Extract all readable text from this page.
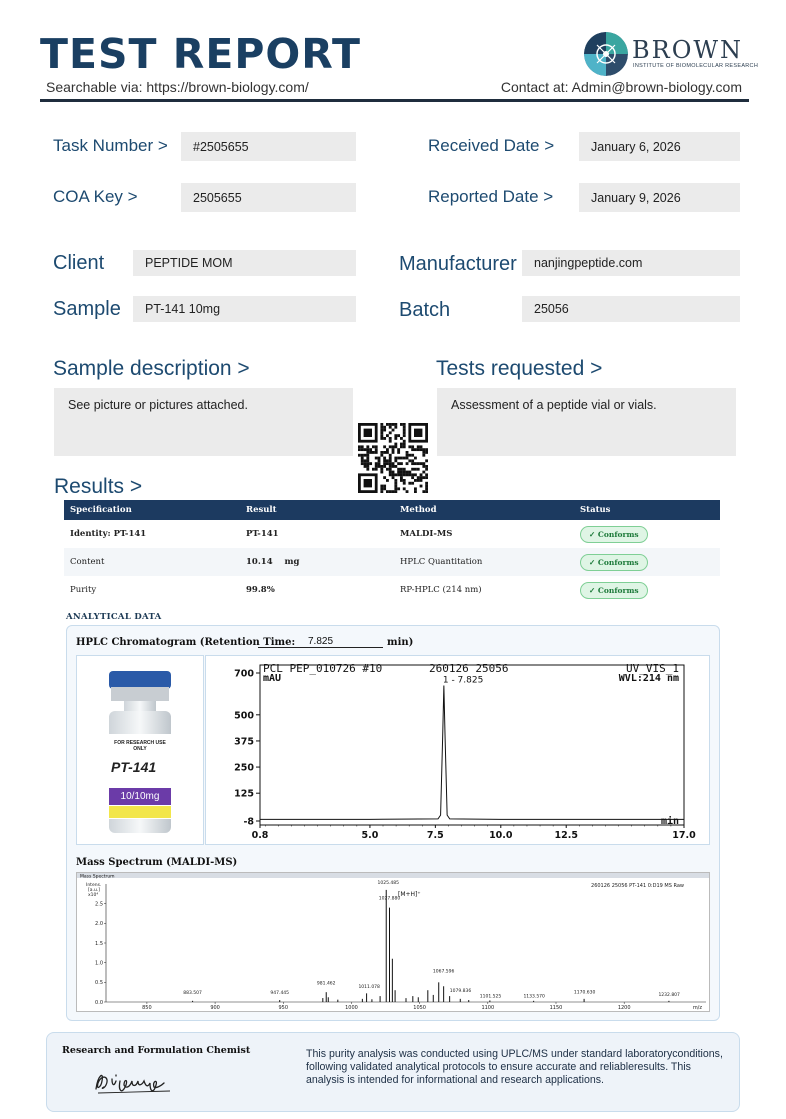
TEST REPORT
Searchable via: https://brown-biology.com/	Contact at: Admin@brown-biology.com
BROWN
INSTITUTE OF BIOMOLECULAR RESEARCH
Task Number >	#2505655
COA Key >	2505655
Received Date >	January 6, 2026
Reported Date >	January 9, 2026
Client	PEPTIDE MOM
Sample	PT-141 10mg
Manufacturer	nanjingpeptide.com
Batch	25056
Sample description >
See picture or pictures attached.
Tests requested >
Assessment of a peptide vial or vials.
Results >
Specification	Result	Method	Status
Identity: PT-141	PT-141	MALDI-MS	✓ Conforms
Content	10.14    mg	HPLC Quantitation	✓ Conforms
Purity	99.8%	RP-HPLC (214 nm)	✓ Conforms
ANALYTICAL DATA
HPLC Chromatogram (Retention Time:	7.825	min)
FOR RESEARCH USE ONLY
PT-141
10/10mg
PCL PEP_010726 #10	260126 25056	UV_VIS_1
mAU	WVL:214 nm
min
700
500
375
250
125
-8
0.8	5.0	7.5	10.0	12.5	17.0
1 - 7.825
Mass Spectrum (MALDI-MS)
Mass Spectrum
260126 25056 PT-141 0:D19 MS Raw
Intens.
[a.u.]
x10⁴	[M+H]⁺
m/z
2.5
2.0
1.5
1.0
0.5
0.0
850	900	950	1000	1050	1100	1150	1200
883.507	947.445
981.462
1011.078
1025.485
1027.880
1067.596
1079.836
1101.525	1133.570
1170.630
1232.807
Research and Formulation Chemist	This purity analysis was conducted using UPLC/MS under standard laboratoryconditions, following validated analytical protocols to ensure accurate and reliableresults. This analysis is intended for informational and research applications.
